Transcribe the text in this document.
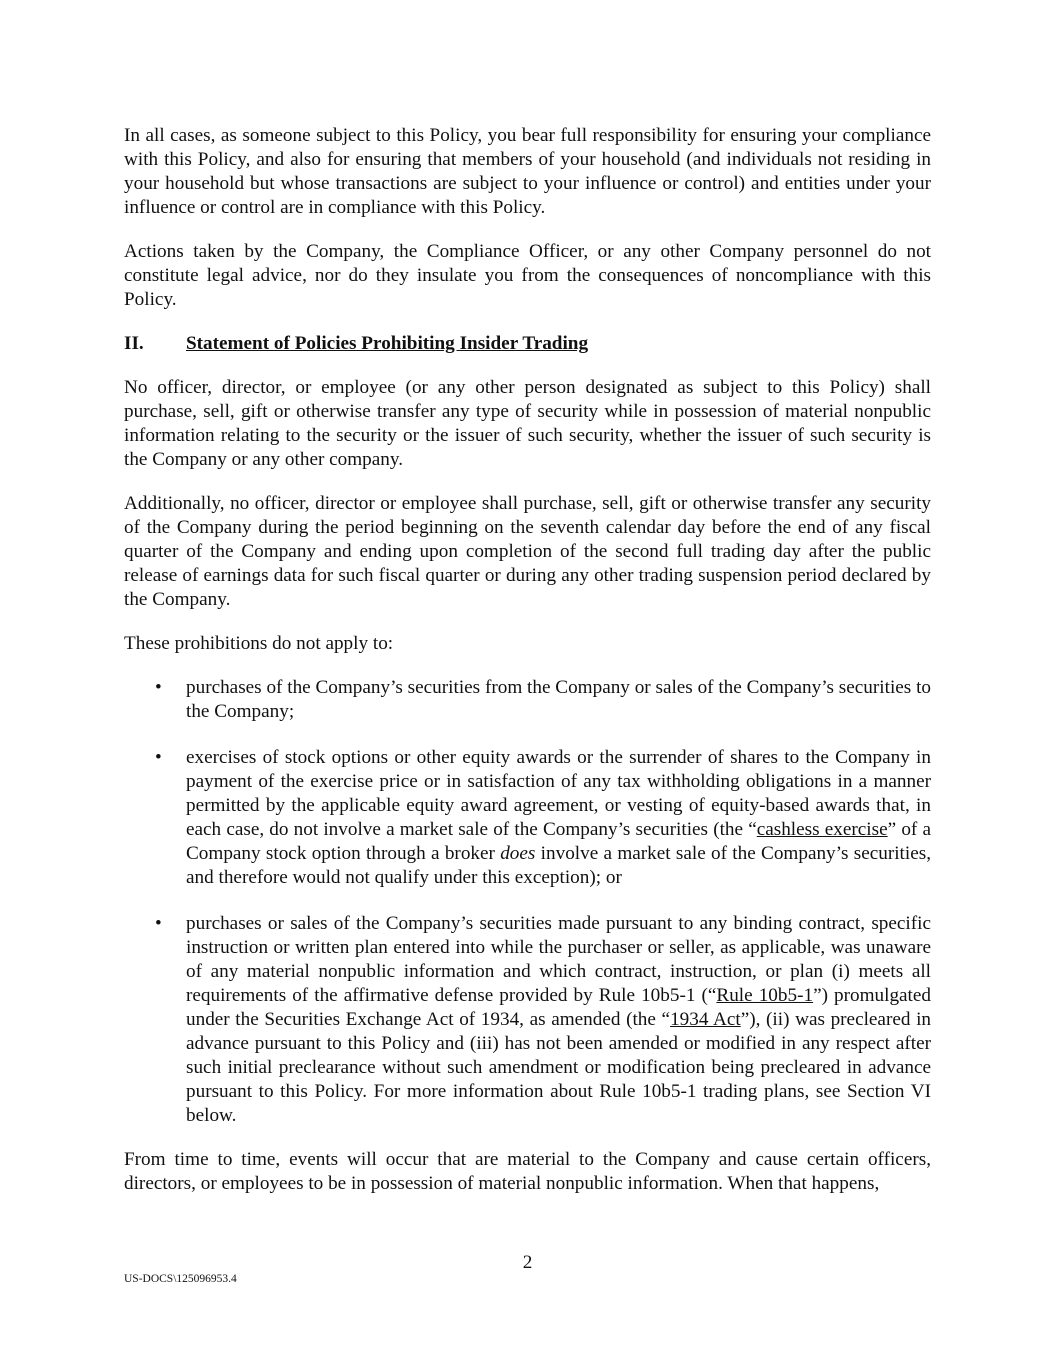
In all cases, as someone subject to this Policy, you bear full responsibility for ensuring your compliance with this Policy, and also for ensuring that members of your household (and individuals not residing in your household but whose transactions are subject to your influence or control) and entities under your influence or control are in compliance with this Policy.

Actions taken by the Company, the Compliance Officer, or any other Company personnel do not constitute legal advice, nor do they insulate you from the consequences of noncompliance with this Policy.

II.	Statement of Policies Prohibiting Insider Trading

No officer, director, or employee (or any other person designated as subject to this Policy) shall purchase, sell, gift or otherwise transfer any type of security while in possession of material nonpublic information relating to the security or the issuer of such security, whether the issuer of such security is the Company or any other company.

Additionally, no officer, director or employee shall purchase, sell, gift or otherwise transfer any security of the Company during the period beginning on the seventh calendar day before the end of any fiscal quarter of the Company and ending upon completion of the second full trading day after the public release of earnings data for such fiscal quarter or during any other trading suspension period declared by the Company.

These prohibitions do not apply to:

• purchases of the Company’s securities from the Company or sales of the Company’s securities to the Company;

• exercises of stock options or other equity awards or the surrender of shares to the Company in payment of the exercise price or in satisfaction of any tax withholding obligations in a manner permitted by the applicable equity award agreement, or vesting of equity-based awards that, in each case, do not involve a market sale of the Company’s securities (the “cashless exercise” of a Company stock option through a broker does involve a market sale of the Company’s securities, and therefore would not qualify under this exception); or

• purchases or sales of the Company’s securities made pursuant to any binding contract, specific instruction or written plan entered into while the purchaser or seller, as applicable, was unaware of any material nonpublic information and which contract, instruction, or plan (i) meets all requirements of the affirmative defense provided by Rule 10b5-1 (“Rule 10b5-1”) promulgated under the Securities Exchange Act of 1934, as amended (the “1934 Act”), (ii) was precleared in advance pursuant to this Policy and (iii) has not been amended or modified in any respect after such initial preclearance without such amendment or modification being precleared in advance pursuant to this Policy. For more information about Rule 10b5-1 trading plans, see Section VI below.

From time to time, events will occur that are material to the Company and cause certain officers, directors, or employees to be in possession of material nonpublic information. When that happens,

2
US-DOCS\125096953.4
